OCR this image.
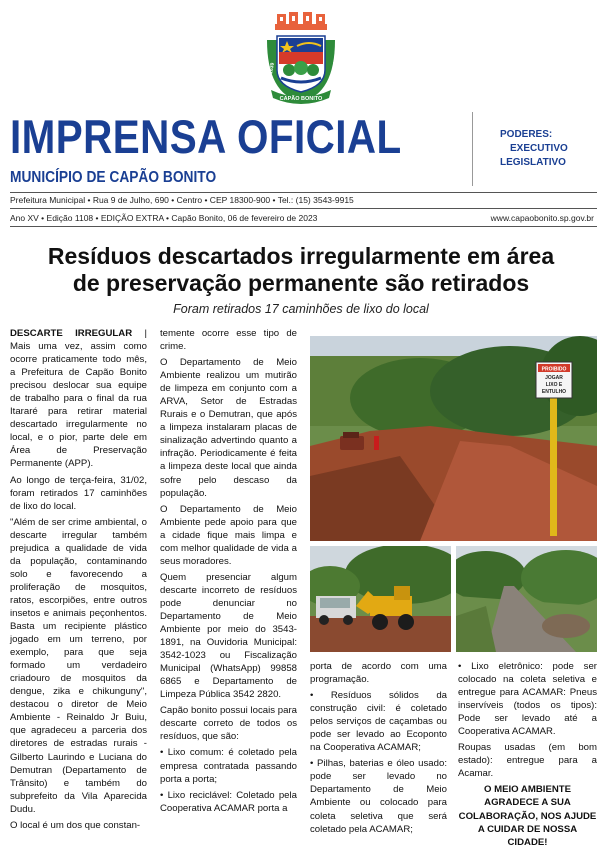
CAPÃO BONITO
1639	1857
IMPRENSA OFICIAL
MUNICÍPIO DE CAPÃO BONITO
PODERES:
EXECUTIVO
LEGISLATIVO
Prefeitura Municipal • Rua 9 de Julho, 690 • Centro • CEP 18300-900 • Tel.: (15) 3543-9915
Ano XV • Edição 1108 • EDIÇÃO EXTRA • Capão Bonito, 06 de fevereiro de 2023	www.capaobonito.sp.gov.br
Resíduos descartados irregularmente em área
de preservação permanente são retirados
Foram retirados 17 caminhões de lixo do local

DESCARTE IRREGULAR | Mais uma vez, assim como ocorre praticamente todo mês, a Prefeitura de Capão Bonito precisou deslocar sua equipe de trabalho para o final da rua Itararé para retirar material descartado irregularmente no local, e o pior, parte dele em Área de Preservação Permanente (APP).

Ao longo de terça-feira, 31/02, foram retirados 17 caminhões de lixo do local.

"Além de ser crime ambiental, o descarte irregular também prejudica a qualidade de vida da população, contaminando solo e favorecendo a proliferação de mosquitos, ratos, escorpiões, entre outros insetos e animais peçonhentos. Basta um recipiente plástico jogado em um terreno, por exemplo, para que seja formado um verdadeiro criadouro de mosquitos da dengue, zika e chikunguny", destacou o diretor de Meio Ambiente - Reinaldo Jr Buiu, que agradeceu a parceria dos diretores de estradas rurais - Gilberto Laurindo e Luciana do Demutran (Departamento de Trânsito) e também do subprefeito da Vila Aparecida Dudu.

O local é um dos que constan-

temente ocorre esse tipo de crime.

O Departamento de Meio Ambiente realizou um mutirão de limpeza em conjunto com a ARVA, Setor de Estradas Rurais e o Demutran, que após a limpeza instalaram placas de sinalização advertindo quanto a infração. Periodicamente é feita a limpeza deste local que ainda sofre pelo descaso da população.

O Departamento de Meio Ambiente pede apoio para que a cidade fique mais limpa e com melhor qualidade de vida a seus moradores.

Quem presenciar algum descarte incorreto de resíduos pode denunciar no Departamento de Meio Ambiente por meio do 3543-1891, na Ouvidoria Municipal: 3542-1023 ou Fiscalização Municipal (WhatsApp) 99858 6865 e Departamento de Limpeza Pública 3542 2820.

Capão bonito possui locais para descarte correto de todos os resíduos, que são:

• Lixo comum: é coletado pela empresa contratada passando porta a porta;

• Lixo reciclável: Coletado pela Cooperativa ACAMAR porta a

PROIBIDO
JOGAR
LIXO E
ENTULHO

porta de acordo com uma programação.

• Resíduos sólidos da construção civil: é coletado pelos serviços de caçambas ou pode ser levado ao Ecoponto na Cooperativa ACAMAR;

• Pilhas, baterias e óleo usado: pode ser levado no Departamento de Meio Ambiente ou colocado para coleta seletiva que será coletado pela ACAMAR;

• Lixo eletrônico: pode ser colocado na coleta seletiva e entregue para ACAMAR: Pneus inservíveis (todos os tipos): Pode ser levado até a Cooperativa ACAMAR.

Roupas usadas (em bom estado): entregue para a Acamar.

O MEIO AMBIENTE AGRADECE A SUA COLABORAÇÃO, NOS AJUDE A CUIDAR DE NOSSA CIDADE!
